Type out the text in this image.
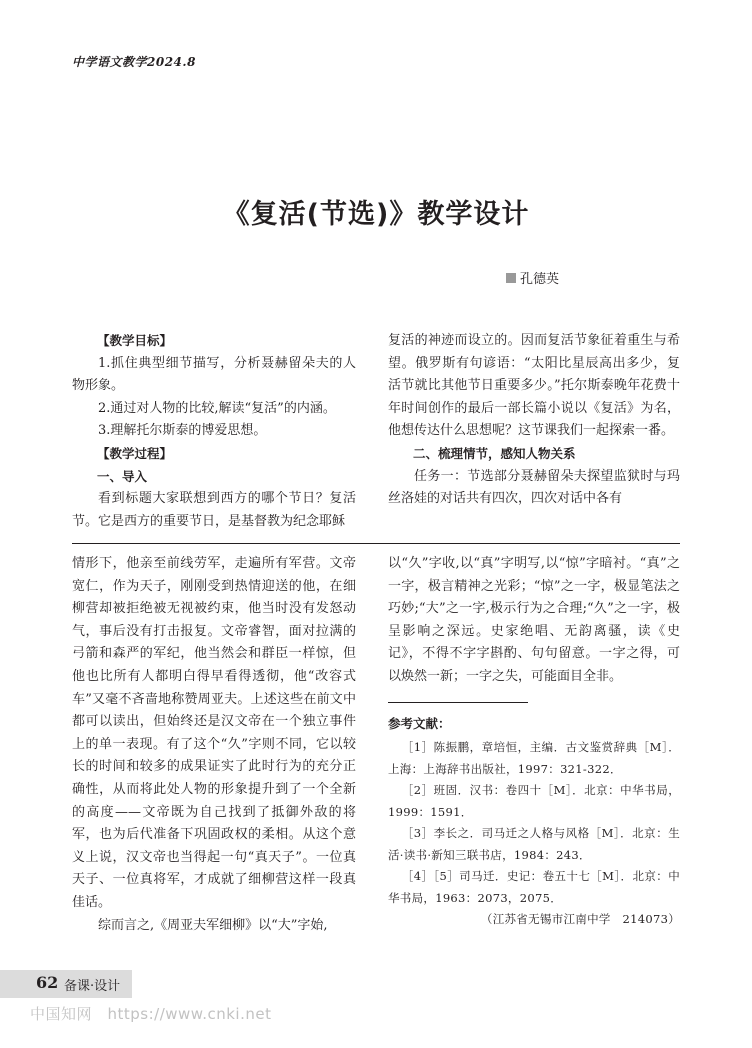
中学语文教学2024.8
《复活(节选)》教学设计
孔德英

【教学目标】

1.抓住典型细节描写，分析聂赫留朵夫的人物形象。

2.通过对人物的比较,解读“复活”的内涵。

3.理解托尔斯泰的博爱思想。

【教学过程】

一、导入

看到标题大家联想到西方的哪个节日？复活节。它是西方的重要节日，是基督教为纪念耶稣

复活的神迹而设立的。因而复活节象征着重生与希望。俄罗斯有句谚语：“太阳比星辰高出多少，复活节就比其他节日重要多少。”托尔斯泰晚年花费十年时间创作的最后一部长篇小说以《复活》为名，他想传达什么思想呢？这节课我们一起探索一番。

二、梳理情节，感知人物关系

任务一：节选部分聂赫留朵夫探望监狱时与玛丝洛娃的对话共有四次，四次对话中各有

情形下，他亲至前线劳军，走遍所有军营。文帝宽仁，作为天子，刚刚受到热情迎送的他，在细柳营却被拒绝被无视被约束，他当时没有发怒动气，事后没有打击报复。文帝睿智，面对拉满的弓箭和森严的军纪，他当然会和群臣一样惊，但他也比所有人都明白得早看得透彻，他“改容式车”又毫不吝啬地称赞周亚夫。上述这些在前文中都可以读出，但始终还是汉文帝在一个独立事件上的单一表现。有了这个“久”字则不同，它以较长的时间和较多的成果证实了此时行为的充分正确性，从而将此处人物的形象提升到了一个全新的高度——文帝既为自己找到了抵御外敌的将军，也为后代准备下巩固政权的柔相。从这个意义上说，汉文帝也当得起一句“真天子”。一位真天子、一位真将军，才成就了细柳营这样一段真佳话。

综而言之,《周亚夫军细柳》以“大”字始,

以“久”字收,以“真”字明写,以“惊”字暗衬。“真”之一字，极言精神之光彩；“惊”之一字，极显笔法之巧妙;“大”之一字,极示行为之合理;“久”之一字，极呈影响之深远。史家绝唱、无韵离骚，读《史记》，不得不字字斟酌、句句留意。一字之得，可以焕然一新；一字之失，可能面目全非。

参考文献：

［1］陈振鹏，章培恒，主编．古文鉴赏辞典［M］．上海：上海辞书出版社，1997：321-322．

［2］班固．汉书：卷四十［M］．北京：中华书局，1999：1591．

［3］李长之．司马迁之人格与风格［M］．北京：生活·读书·新知三联书店，1984：243．

［4］［5］司马迁．史记：卷五十七［M］．北京：中华书局，1963：2073，2075．

（江苏省无锡市江南中学　214073）

62 备课·设计
中国知网　https://www.cnki.net
